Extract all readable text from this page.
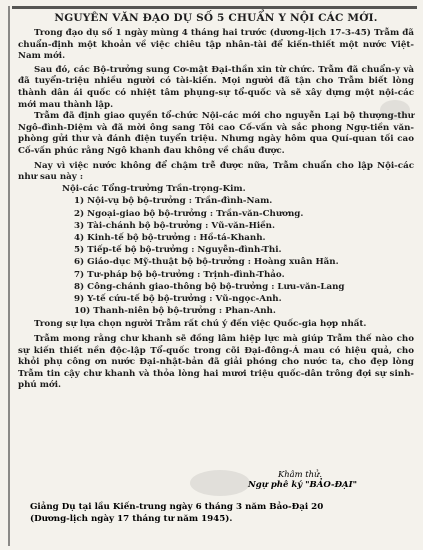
NGUYÊN VĂN ĐẠO DỤ SỐ 5 CHUẨN Y NỘI CÁC MỚI.

Trong đạo dụ số 1 ngày mùng 4 tháng hai trước (dương-lịch 17-3-45) Trẫm đã chuẩn-định một khoản về việc chiêu tập nhân-tài để kiến-thiết một nước Việt-Nam mới.

Sau đó, các Bộ-trưởng sung Cơ-mật Đại-thần xin từ chức. Trẫm đã chuẩn-y và đã tuyển-triệu nhiều người có tài-kiến. Mọi người đã tận cho Trẫm biết lòng thành dân ái quốc có nhiệt tâm phụng-sự tổ-quốc và sẽ xây dựng một nội-các mới mau thành lập.

Trẫm đã định giao quyền tổ-chức Nội-các mới cho nguyễn Lại bộ thượng-thư Ngô-đình-Diệm và đã mời ông sang Tôi cao Cố-vấn và sắc phong Ngự-tiền văn-phòng gửi thư và đánh điện tuyển triệu. Nhưng ngày hôm qua Quí-quan tối cao Cố-vấn phúc rằng Ngô khanh đau không về chầu được.

Nay vì việc nước không để chậm trễ được nữa, Trẫm chuẩn cho lập Nội-các như sau này :

Nội-các Tổng-trưởng Trần-trọng-Kim.

1) Nội-vụ bộ bộ-trưởng : Trần-đình-Nam.

2) Ngoại-giao bộ bộ-trưởng : Trần-văn-Chương.

3) Tài-chánh bộ bộ-trưởng : Vũ-văn-Hiền.

4) Kinh-tế bộ bộ-trưởng : Hồ-tá-Khanh.

5) Tiếp-tế bộ bộ-trưởng : Nguyễn-đình-Thi.

6) Giáo-dục Mỹ-thuật bộ bộ-trưởng : Hoàng xuân Hãn.

7) Tư-pháp bộ bộ-trưởng : Trịnh-đình-Thảo.

8) Công-chánh giao-thông bộ bộ-trưởng : Lưu-văn-Lang

9) Y-tế cứu-tế bộ bộ-trưởng : Vũ-ngọc-Anh.

10) Thanh-niên bộ bộ-trưởng : Phan-Anh.

Trong sự lựa chọn người Trẫm rất chú ý đến việc Quốc-gia hợp nhất.

Trẫm mong rằng chư khanh sẽ đồng lâm hiệp lực mà giúp Trẫm thế nào cho sự kiến thiết nền độc-lập Tổ-quốc trong cõi Đại-đông-Á mau có hiệu quả, cho khỏi phụ công ơn nước Đại-nhật-bản đã giải phóng cho nước ta, cho đẹp lòng Trẫm tin cậy chư khanh và thỏa lòng hai mươi triệu quốc-dân trông đợi sự sinh-phú mới.

Khâm thử.
Ngự phê ký "BẢO-ĐẠI"
Giảng Dụ tại lầu Kiến-trung ngày 6 tháng 3 năm Bảo-Đại 20
(Dương-lịch ngày 17 tháng tư năm 1945).
